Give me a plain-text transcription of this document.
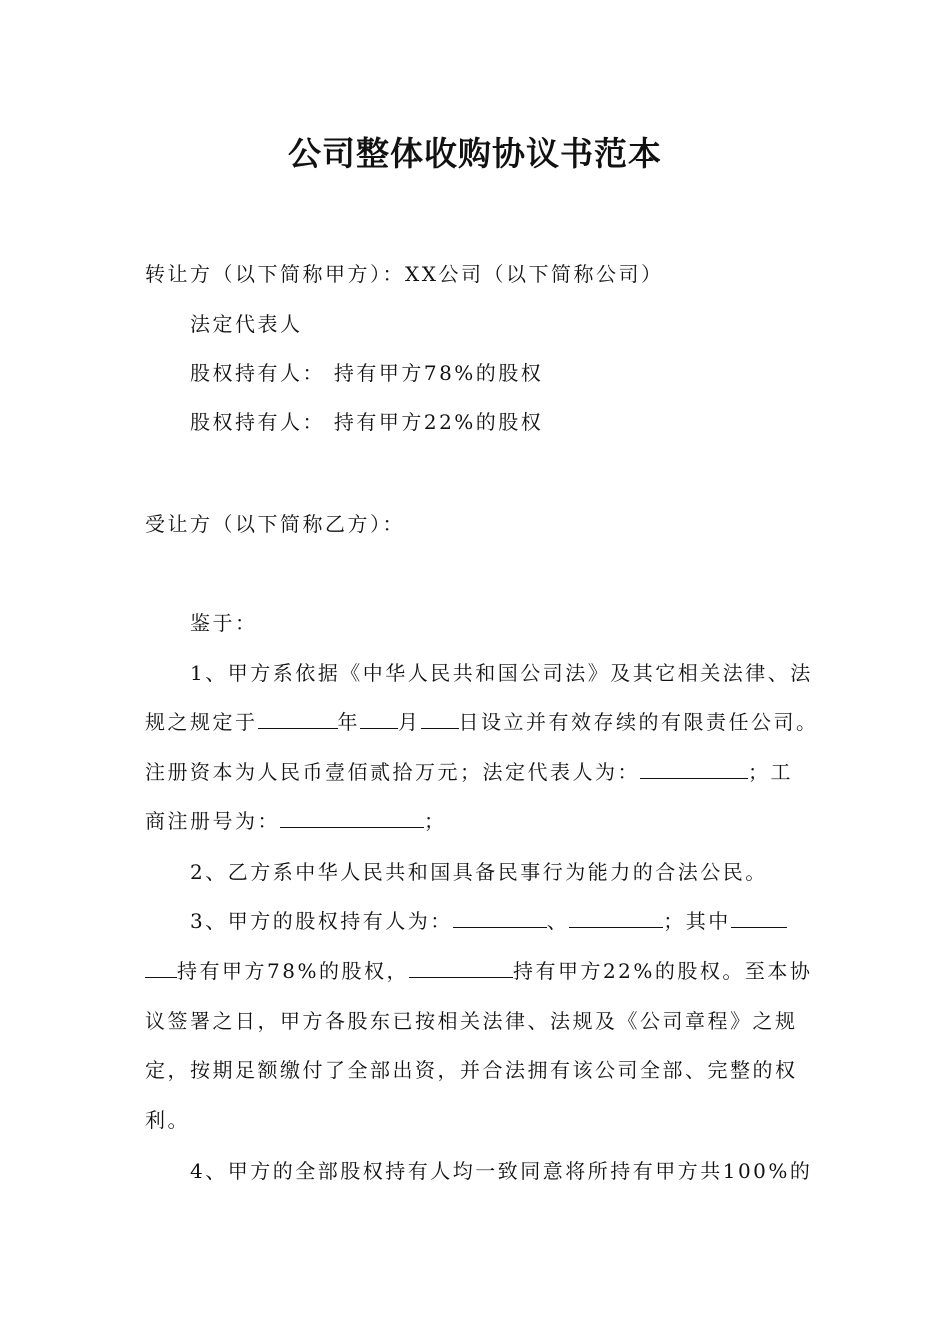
公司整体收购协议书范本
转让方（以下简称甲方）：XX公司（以下简称公司）
法定代表人
股权持有人： 持有甲方78%的股权
股权持有人： 持有甲方22%的股权
受让方（以下简称乙方）：
鉴于：
1、甲方系依据《中华人民共和国公司法》及其它相关法律、法
规之规定于	年 月 日设立并有效存续的有限责任公司。
注册资本为人民币壹佰贰拾万元；法定代表人为：	；工
商注册号为：	；
2、乙方系中华人民共和国具备民事行为能力的合法公民。
3、甲方的股权持有人为：	、	；其中
持有甲方78%的股权，	持有甲方22%的股权。至本协
议签署之日，甲方各股东已按相关法律、法规及《公司章程》之规
定，按期足额缴付了全部出资，并合法拥有该公司全部、完整的权
利。
4、甲方的全部股权持有人均一致同意将所持有甲方共100%的
